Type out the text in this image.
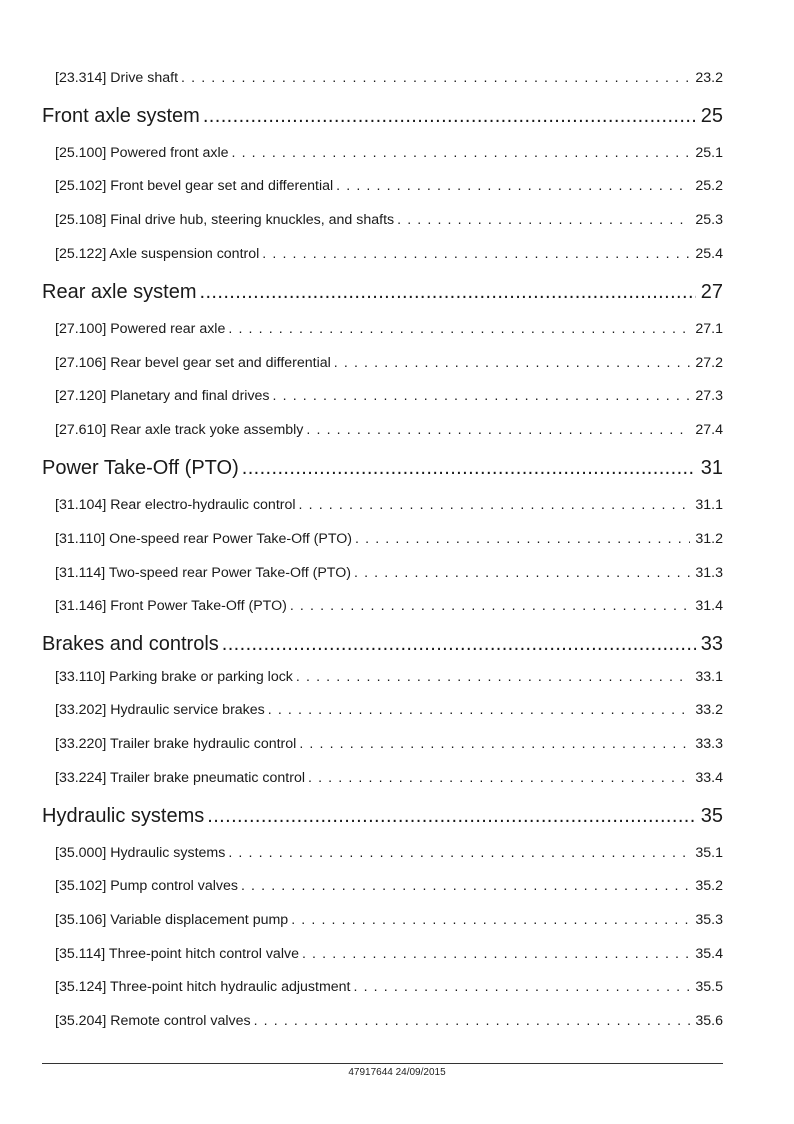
[23.314] Drive shaft . . .	23.2
Front axle system .....	25
[25.100] Powered front axle . . .	25.1
[25.102] Front bevel gear set and differential . . .	25.2
[25.108] Final drive hub, steering knuckles, and shafts . . .	25.3
[25.122] Axle suspension control . . .	25.4
Rear axle system .....	27
[27.100] Powered rear axle . . .	27.1
[27.106] Rear bevel gear set and differential . . .	27.2
[27.120] Planetary and final drives . . .	27.3
[27.610] Rear axle track yoke assembly . . .	27.4
Power Take-Off (PTO) .....	31
[31.104] Rear electro-hydraulic control . . .	31.1
[31.110] One-speed rear Power Take-Off (PTO) . . .	31.2
[31.114] Two-speed rear Power Take-Off (PTO) . . .	31.3
[31.146] Front Power Take-Off (PTO) . . .	31.4
Brakes and controls .....	33
[33.110] Parking brake or parking lock . . .	33.1
[33.202] Hydraulic service brakes . . .	33.2
[33.220] Trailer brake hydraulic control . . .	33.3
[33.224] Trailer brake pneumatic control . . .	33.4
Hydraulic systems .....	35
[35.000] Hydraulic systems . . .	35.1
[35.102] Pump control valves . . .	35.2
[35.106] Variable displacement pump . . .	35.3
[35.114] Three-point hitch control valve . . .	35.4
[35.124] Three-point hitch hydraulic adjustment . . .	35.5
[35.204] Remote control valves . . .	35.6
47917644 24/09/2015
